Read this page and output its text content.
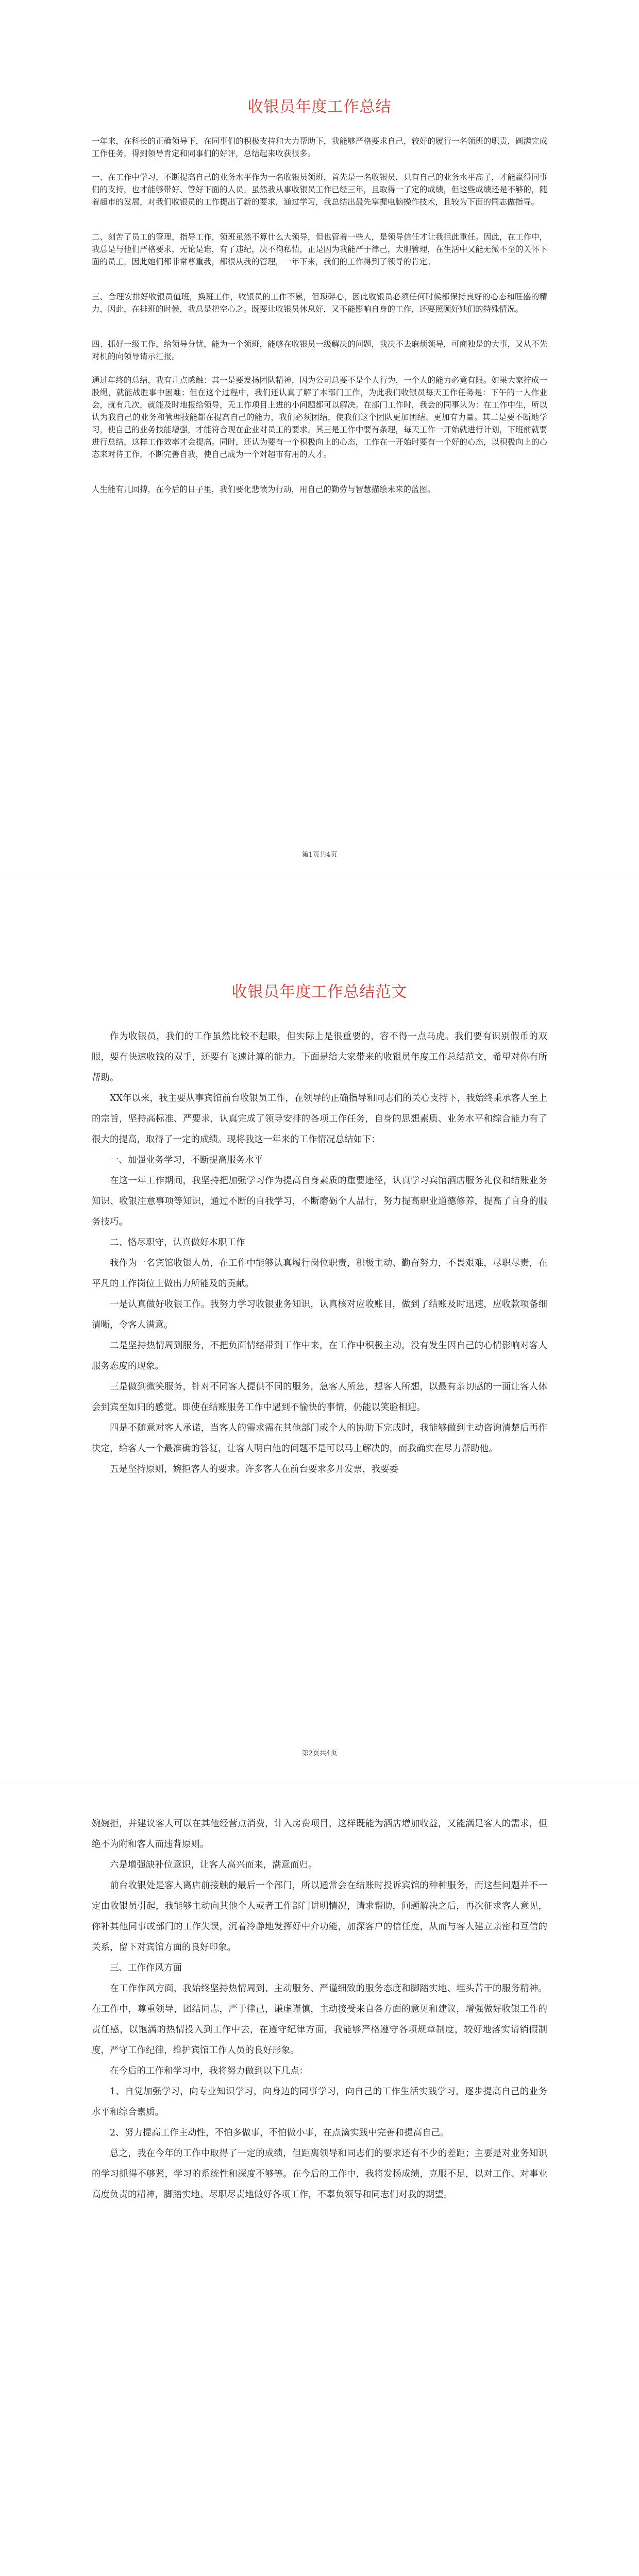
收银员年度工作总结

一年来，在科长的正确领导下，在同事们的积极支持和大力帮助下，我能够严格要求自己，较好的履行一名领班的职责，圆满完成工作任务，得到领导肯定和同事们的好评，总结起来收获很多。

一、在工作中学习，不断提高自己的业务水平作为一名收银员领班，首先是一名收银员，只有自己的业务水平高了，才能赢得同事们的支持，也才能够带好、管好下面的人员。虽然我从事收银员工作已经三年，且取得一了定的成绩，但这些成绩还是不够的，随着超市的发展，对我们收银员的工作提出了新的要求，通过学习，我总结出最先掌握电脑操作技术，且较为下面的同志做指导。

二、刻苦了员工的管理，指导工作，领班虽然不算什么大领导，但也管着一些人，是领导信任才让我担此重任。因此，在工作中，我总是与他们严格要求，无论是谁，有了违纪，决不徇私情，正是因为我能严于律己，大胆管理，在生活中又能无微不至的关怀下面的员工，因此她们都非常尊重我，都很从我的管理，一年下来，我们的工作得到了领导的肯定。

三、合理安排好收银员值班，换班工作，收银员的工作不累，但琐碎心，因此收银员必须任何时候都保持良好的心态和旺盛的精力，因此，在排班的时候，我总是把空心之。既要让收银员休息好，又不能影响自身的工作，还要照顾好她们的特殊情况。

四、抓好一级工作，给领导分忧，能为一个领班，能够在收银员一级解决的问题，我决不去麻烦领导，可商独是的大事，又从不先对机的向领导请示汇报。

通过年终的总结，我有几点感触：其一是要发扬团队精神，因为公司总要不是个人行为，一个人的能力必竟有限。如果大家拧成一股绳，就能战胜事中困难；但在这个过程中，我们还认真了解了本部门工作，为此我们收银员每天工作任务是：下午的一人作业会，就有几次，就能及时地报给领导，无工作项目上进的小问题都可以解决。在部门工作时，我会的同事认为：在工作中生，所以认为我自己的业务和管理技能都在提高自己的能力，我们必须团结，使我们这个团队更加团结、更加有力量。其二是要不断地学习，使自己的业务技能增强，才能符合现在企业对员工的要求。其三是工作中要有条理，每天工作一开始就进行计划，下班前就要进行总结，这样工作效率才会提高。同时，还认为要有一个积极向上的心态，工作在一开始时要有一个好的心态，以积极向上的心态来对待工作，不断完善自我，使自己成为一个对超市有用的人才。

人生能有几回搏，在今后的日子里，我们要化悲愤为行动，用自己的勤劳与智慧描绘未来的蓝图。

第1页共4页
收银员年度工作总结范文

作为收银员，我们的工作虽然比较不起眼，但实际上是很重要的，容不得一点马虎。我们要有识别假币的双眼，要有快速收钱的双手，还要有飞速计算的能力。下面是给大家带来的收银员年度工作总结范文，希望对你有所帮助。

XX年以来，我主要从事宾馆前台收银员工作，在领导的正确指导和同志们的关心支持下，我始终秉承客人至上的宗旨，坚持高标准、严要求，认真完成了领导安排的各项工作任务，自身的思想素质、业务水平和综合能力有了很大的提高，取得了一定的成绩。现将我这一年来的工作情况总结如下：

一、加强业务学习，不断提高服务水平

在这一年工作期间，我坚持把加强学习作为提高自身素质的重要途径，认真学习宾馆酒店服务礼仪和结账业务知识、收银注意事项等知识，通过不断的自我学习，不断磨砺个人品行，努力提高职业道德修养，提高了自身的服务技巧。

二、恪尽职守，认真做好本职工作

我作为一名宾馆收银人员，在工作中能够认真履行岗位职责，积极主动、勤奋努力，不畏艰难，尽职尽责，在平凡的工作岗位上做出力所能及的贡献。

一是认真做好收银工作。我努力学习收银业务知识，认真核对应收账目，做到了结账及时迅速，应收款项备细清晰，令客人满意。

二是坚持热情周到服务，不把负面情绪带到工作中来，在工作中积极主动，没有发生因自己的心情影响对客人服务态度的现象。

三是做到微笑服务，针对不同客人提供不同的服务，急客人所急，想客人所想，以最有亲切感的一面让客人体会到宾至如归的感觉。即使在结账服务工作中遇到不愉快的事情，仍能以笑脸相迎。

四是不随意对客人承诺，当客人的需求需在其他部门或个人的协助下完成时，我能够做到主动咨询清楚后再作决定，给客人一个最准确的答复，让客人明白他的问题不是可以马上解决的，而我确实在尽力帮助他。

五是坚持原则，婉拒客人的要求。许多客人在前台要求多开发票，我要委

第2页共4页

婉婉拒，并建议客人可以在其他经营点消费，计入房费项目，这样既能为酒店增加收益，又能满足客人的需求，但绝不为附和客人而违背原则。

六是增强缺补位意识，让客人高兴而来，满意而归。

前台收银处是客人离店前接触的最后一个部门，所以通常会在结账时投诉宾馆的种种服务，而这些问题并不一定由收银员引起，我能够主动向其他个人或者工作部门讲明情况，请求帮助，问题解决之后，再次征求客人意见，你补其他同事或部门的工作失误，沉着冷静地发挥好中介功能，加深客户的信任度，从而与客人建立亲密和互信的关系，留下对宾馆方面的良好印象。

三、工作作风方面

在工作作风方面，我始终坚持热情周到、主动服务、严谨细致的服务态度和脚踏实地、埋头苦干的服务精神。在工作中，尊重领导，团结同志，严于律己，谦虚谨慎，主动接受来自各方面的意见和建议，增强做好收银工作的责任感，以饱满的热情投入到工作中去，在遵守纪律方面，我能够严格遵守各项规章制度，较好地落实请销假制度，严守工作纪律，维护宾馆工作人员的良好形象。

在今后的工作和学习中，我将努力做到以下几点：

1、自觉加强学习，向专业知识学习，向身边的同事学习，向自己的工作生活实践学习，逐步提高自己的业务水平和综合素质。

2、努力提高工作主动性，不怕多做事，不怕做小事，在点滴实践中完善和提高自己。

总之，我在今年的工作中取得了一定的成绩，但距离领导和同志们的要求还有不少的差距；主要是对业务知识的学习抓得不够紧，学习的系统性和深度不够等。在今后的工作中，我将发扬成绩，克服不足，以对工作、对事业高度负责的精神，脚踏实地、尽职尽责地做好各项工作，不辜负领导和同志们对我的期望。
